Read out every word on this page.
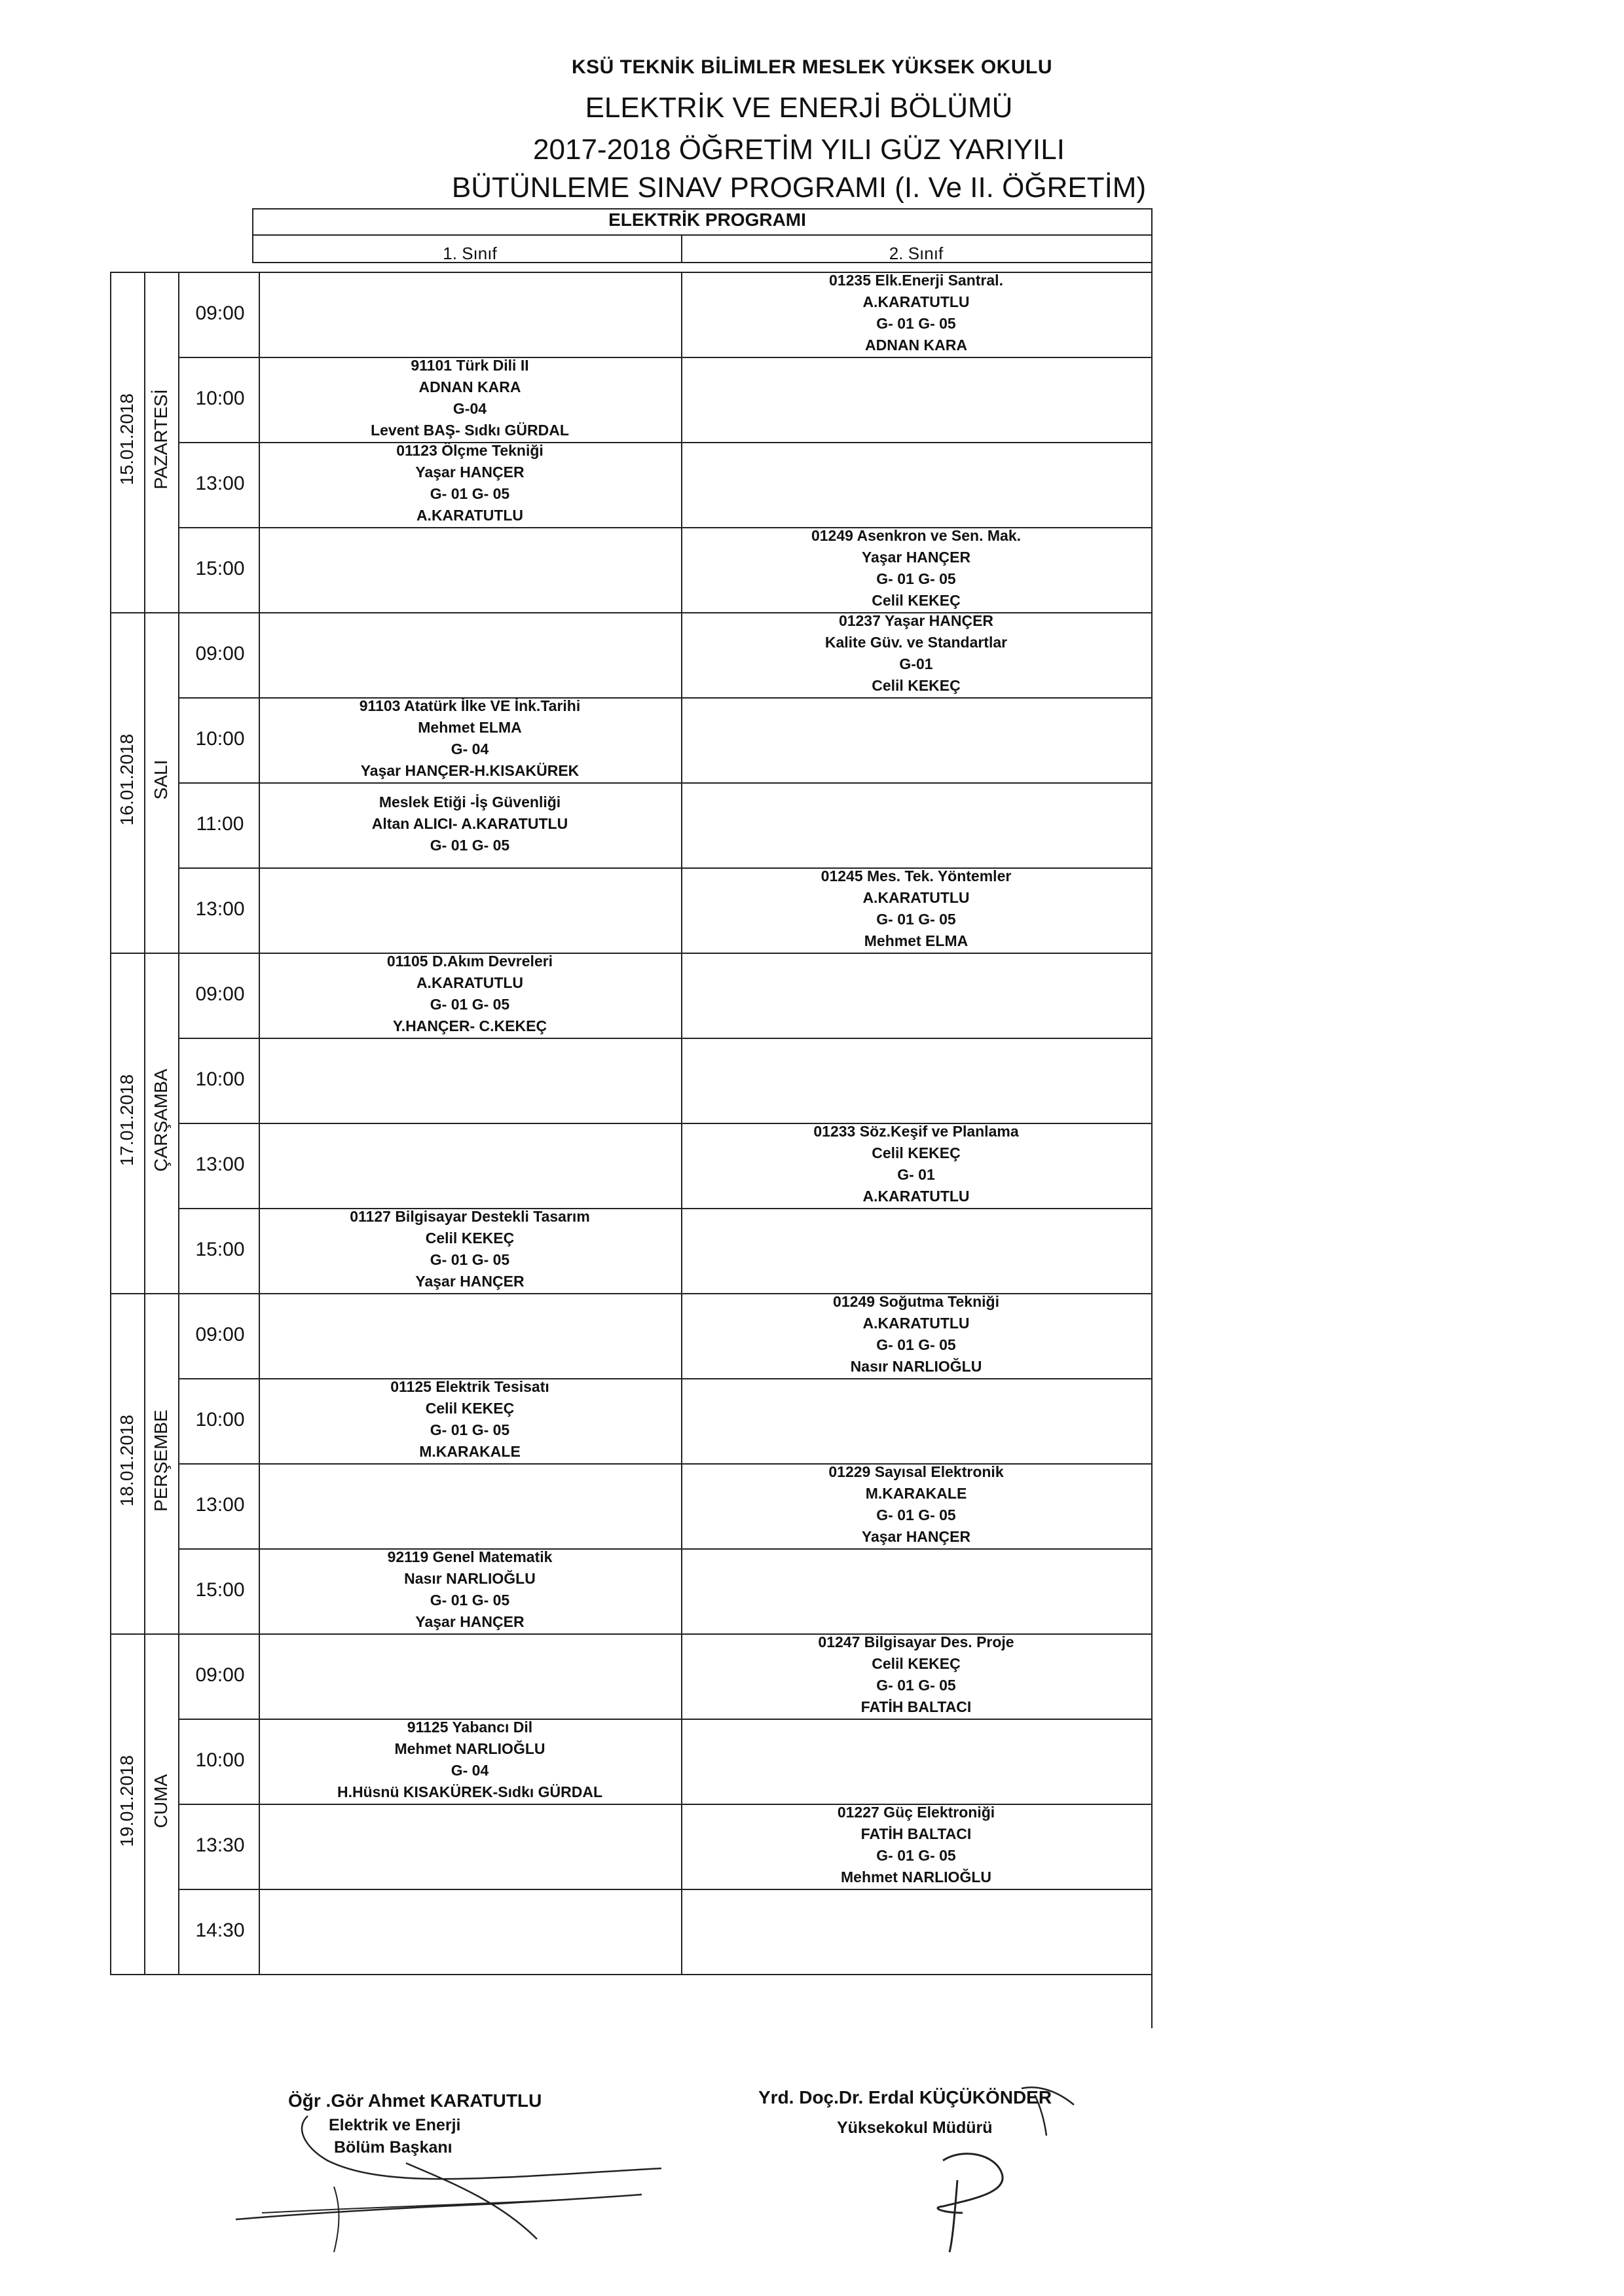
KSÜ TEKNİK BİLİMLER MESLEK YÜKSEK OKULU
ELEKTRİK VE ENERJİ BÖLÜMÜ
2017-2018 ÖĞRETİM YILI GÜZ YARIYILI
BÜTÜNLEME SINAV PROGRAMI (I. Ve II. ÖĞRETİM)
ELEKTRİK PROGRAMI
1. Sınıf	2. Sınıf
15.01.2018 PAZARTESİ
09:00
01235 Elk.Enerji Santral.
A.KARATUTLU
G- 01 G- 05
ADNAN KARA
10:00
91101 Türk Dili II
ADNAN KARA
G-04
Levent BAŞ- Sıdkı GÜRDAL
13:00
01123 Ölçme Tekniği
Yaşar HANÇER
G- 01 G- 05
A.KARATUTLU
15:00
01249 Asenkron ve Sen. Mak.
Yaşar HANÇER
G- 01 G- 05
Celil KEKEÇ
16.01.2018 SALI
09:00
01237 Yaşar HANÇER
Kalite Güv. ve Standartlar
G-01
Celil KEKEÇ
10:00
91103 Atatürk İlke VE İnk.Tarihi
Mehmet ELMA
G- 04
Yaşar HANÇER-H.KISAKÜREK
11:00
Meslek Etiği -İş Güvenliği
Altan ALICI- A.KARATUTLU
G- 01 G- 05
13:00
01245 Mes. Tek. Yöntemler
A.KARATUTLU
G- 01 G- 05
Mehmet ELMA
17.01.2018 ÇARŞAMBA
09:00
01105 D.Akım Devreleri
A.KARATUTLU
G- 01 G- 05
Y.HANÇER- C.KEKEÇ
10:00
13:00
01233 Söz.Keşif ve Planlama
Celil KEKEÇ
G- 01
A.KARATUTLU
15:00
01127 Bilgisayar Destekli Tasarım
Celil KEKEÇ
G- 01 G- 05
Yaşar HANÇER
18.01.2018 PERŞEMBE
09:00
01249 Soğutma Tekniği
A.KARATUTLU
G- 01 G- 05
Nasır NARLIOĞLU
10:00
01125 Elektrik Tesisatı
Celil KEKEÇ
G- 01 G- 05
M.KARAKALE
13:00
01229 Sayısal Elektronik
M.KARAKALE
G- 01 G- 05
Yaşar HANÇER
15:00
92119 Genel Matematik
Nasır NARLIOĞLU
G- 01 G- 05
Yaşar HANÇER
19.01.2018 CUMA
09:00
01247 Bilgisayar Des. Proje
Celil KEKEÇ
G- 01 G- 05
FATİH BALTACI
10:00
91125 Yabancı Dil
Mehmet NARLIOĞLU
G- 04
H.Hüsnü KISAKÜREK-Sıdkı GÜRDAL
13:30
01227 Güç Elektroniği
FATİH BALTACI
G- 01 G- 05
Mehmet NARLIOĞLU
14:30
Öğr .Gör Ahmet KARATUTLU
Elektrik ve Enerji
Bölüm Başkanı
Yrd. Doç.Dr. Erdal KÜÇÜKÖNDER
Yüksekokul Müdürü
